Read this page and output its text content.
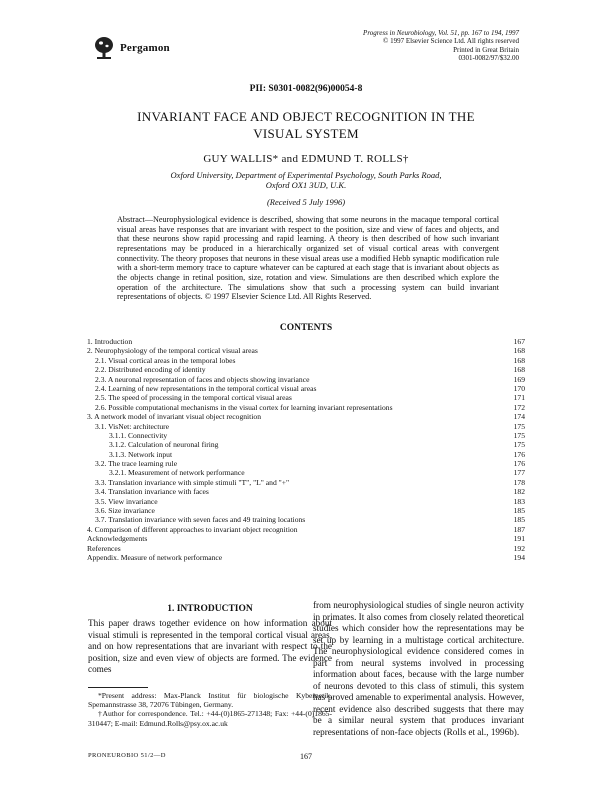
Pergamon
Progress in Neurobiology, Vol. 51, pp. 167 to 194, 1997
© 1997 Elsevier Science Ltd. All rights reserved
Printed in Great Britain
0301-0082/97/$32.00
PII: S0301-0082(96)00054-8
INVARIANT FACE AND OBJECT RECOGNITION IN THE
VISUAL SYSTEM
GUY WALLIS* and EDMUND T. ROLLS†
Oxford University, Department of Experimental Psychology, South Parks Road,
Oxford OX1 3UD, U.K.
(Received 5 July 1996)
Abstract—Neurophysiological evidence is described, showing that some neurons in the macaque temporal cortical visual areas have responses that are invariant with respect to the position, size and view of faces and objects, and that these neurons show rapid processing and rapid learning. A theory is then described of how such invariant representations may be produced in a hierarchically organized set of visual cortical areas with convergent connectivity. The theory proposes that neurons in these visual areas use a modified Hebb synaptic modification rule with a short-term memory trace to capture whatever can be captured at each stage that is invariant about objects as the objects change in retinal position, size, rotation and view. Simulations are then described which explore the operation of the architecture. The simulations show that such a processing system can build invariant representations of objects. © 1997 Elsevier Science Ltd. All Rights Reserved.
CONTENTS
1. Introduction	167
2. Neurophysiology of the temporal cortical visual areas	168
2.1. Visual cortical areas in the temporal lobes	168
2.2. Distributed encoding of identity	168
2.3. A neuronal representation of faces and objects showing invariance	169
2.4. Learning of new representations in the temporal cortical visual areas	170
2.5. The speed of processing in the temporal cortical visual areas	171
2.6. Possible computational mechanisms in the visual cortex for learning invariant representations	172
3. A network model of invariant visual object recognition	174
3.1. VisNet: architecture	175
3.1.1. Connectivity	175
3.1.2. Calculation of neuronal firing	175
3.1.3. Network input	176
3.2. The trace learning rule	176
3.2.1. Measurement of network performance	177
3.3. Translation invariance with simple stimuli "T", "L" and "+"	178
3.4. Translation invariance with faces	182
3.5. View invariance	183
3.6. Size invariance	185
3.7. Translation invariance with seven faces and 49 training locations	185
4. Comparison of different approaches to invariant object recognition	187
Acknowledgements	191
References	192
Appendix. Measure of network performance	194
1. INTRODUCTION
This paper draws together evidence on how information about visual stimuli is represented in the temporal cortical visual areas, and on how representations that are invariant with respect to the position, size and even view of objects are formed. The evidence comes
from neurophysiological studies of single neuron activity in primates. It also comes from closely related theoretical studies which consider how the representations may be set up by learning in a multistage cortical architecture. The neurophysiological evidence considered comes in part from neural systems involved in processing information about faces, because with the large number of neurons devoted to this class of stimuli, this system has proved amenable to experimental analysis. However, recent evidence also described suggests that there may be a similar neural system that produces invariant representations of non-face objects (Rolls et al., 1996b).

*Present address: Max-Planck Institut für biologische Kybernetik, Spemannstrasse 38, 72076 Tübingen, Germany.

†Author for correspondence. Tel.: +44-(0)1865-271348; Fax: +44-(0)1865-310447; E-mail: Edmund.Rolls@psy.ox.ac.uk

PRONEUROBIO 51/2—D	167
